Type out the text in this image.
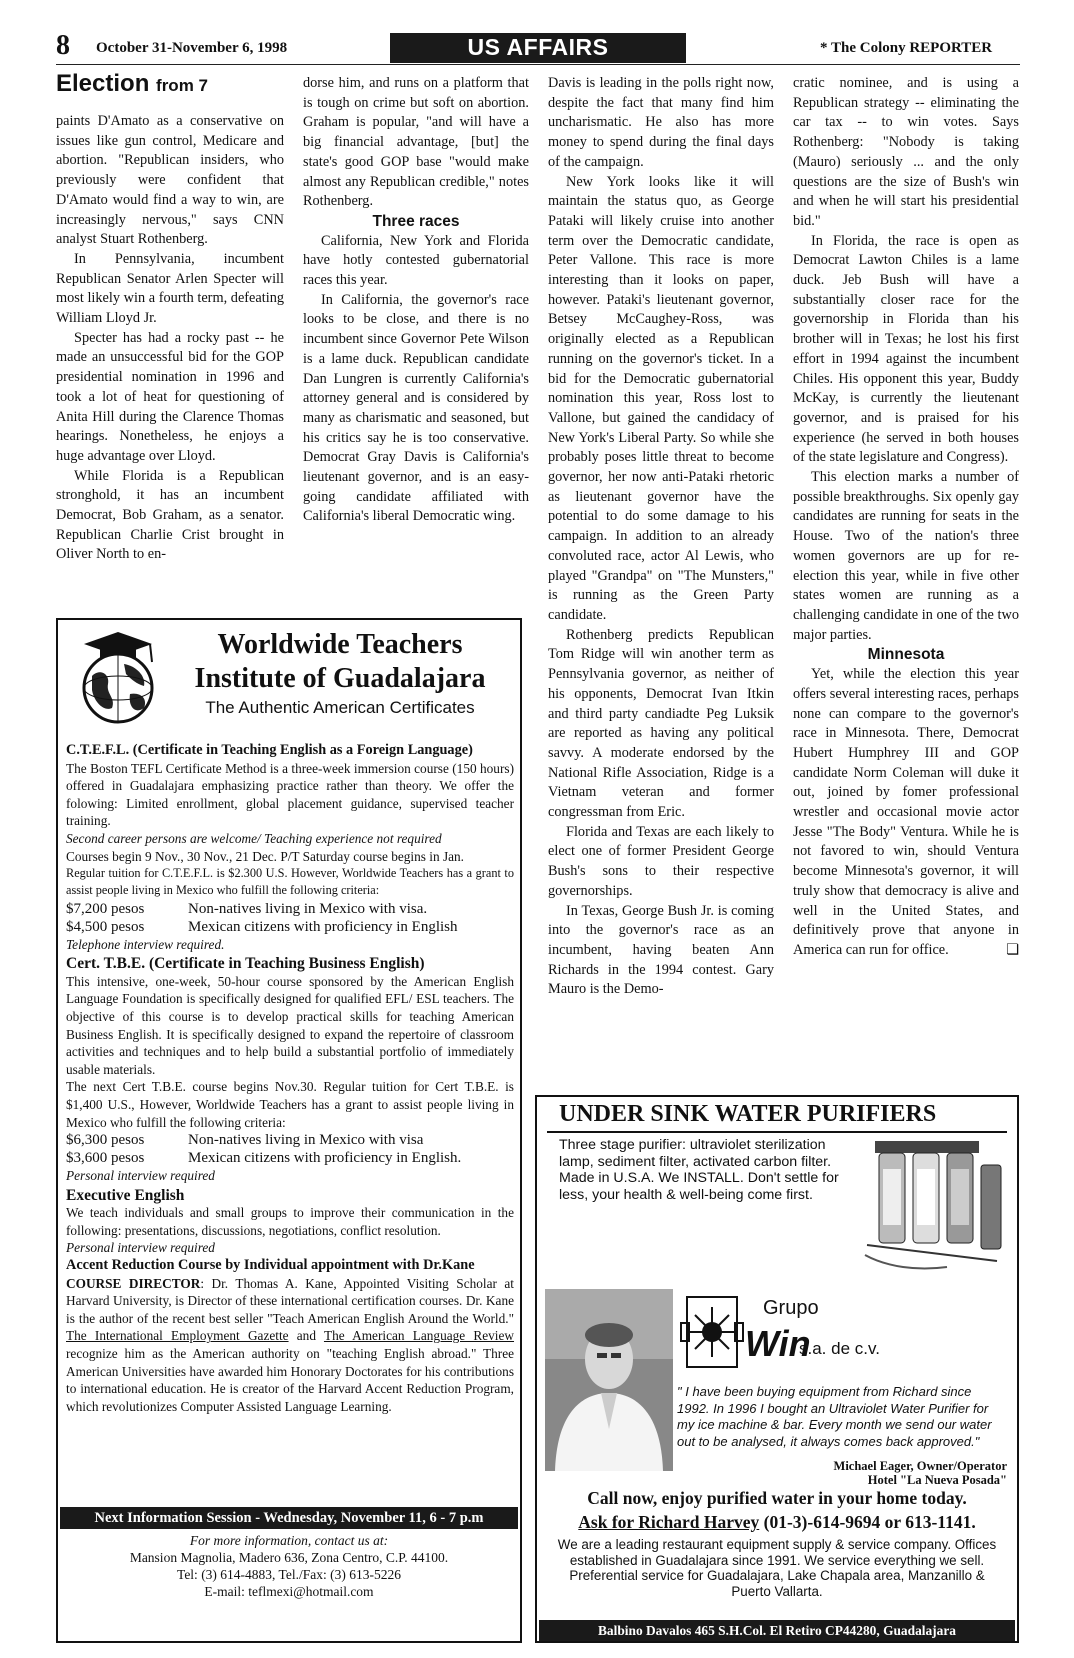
8 October 31-November 6, 1998	US AFFAIRS	* The Colony REPORTER
Election from 7

paints D'Amato as a conservative on issues like gun control, Medicare and abortion. "Republican insiders, who previously were confident that D'Amato would find a way to win, are increasingly nervous," says CNN analyst Stuart Rothenberg.

In Pennsylvania, incumbent Republican Senator Arlen Specter will most likely win a fourth term, defeating William Lloyd Jr.

Specter has had a rocky past -- he made an unsuccessful bid for the GOP presidential nomination in 1996 and took a lot of heat for questioning of Anita Hill during the Clarence Thomas hearings. Nonetheless, he enjoys a huge advantage over Lloyd.

While Florida is a Republican stronghold, it has an incumbent Democrat, Bob Graham, as a senator. Republican Charlie Crist brought in Oliver North to en-

dorse him, and runs on a platform that is tough on crime but soft on abortion. Graham is popular, "and will have a big financial advantage, [but] the state's good GOP base "would make almost any Republican credible," notes Rothenberg.

Three races

California, New York and Florida have hotly contested gubernatorial races this year.

In California, the governor's race looks to be close, and there is no incumbent since Governor Pete Wilson is a lame duck. Republican candidate Dan Lungren is currently California's attorney general and is considered by many as charismatic and seasoned, but his critics say he is too conservative. Democrat Gray Davis is California's lieutenant governor, and is an easy-going candidate affiliated with California's liberal Democratic wing.

Davis is leading in the polls right now, despite the fact that many find him uncharismatic. He also has more money to spend during the final days of the campaign.

New York looks like it will maintain the status quo, as George Pataki will likely cruise into another term over the Democratic candidate, Peter Vallone. This race is more interesting than it looks on paper, however. Pataki's lieutenant governor, Betsey McCaughey-Ross, was originally elected as a Republican running on the governor's ticket. In a bid for the Democratic gubernatorial nomination this year, Ross lost to Vallone, but gained the candidacy of New York's Liberal Party. So while she probably poses little threat to become governor, her now anti-Pataki rhetoric as lieutenant governor have the potential to do some damage to his campaign. In addition to an already convoluted race, actor Al Lewis, who played "Grandpa" on "The Munsters," is running as the Green Party candidate.

Rothenberg predicts Republican Tom Ridge will win another term as Pennsylvania governor, as neither of his opponents, Democrat Ivan Itkin and third party candiadte Peg Luksik are reported as having any political savvy. A moderate endorsed by the National Rifle Association, Ridge is a Vietnam veteran and former congressman from Eric.

Florida and Texas are each likely to elect one of former President George Bush's sons to their respective governorships.

In Texas, George Bush Jr. is coming into the governor's race as an incumbent, having beaten Ann Richards in the 1994 contest. Gary Mauro is the Demo-

cratic nominee, and is using a Republican strategy -- eliminating the car tax -- to win votes. Says Rothenberg: "Nobody is taking (Mauro) seriously ... and the only questions are the size of Bush's win and when he will start his presidential bid."

In Florida, the race is open as Democrat Lawton Chiles is a lame duck. Jeb Bush will have a substantially closer race for the governorship in Florida than his brother will in Texas; he lost his first effort in 1994 against the incumbent Chiles. His opponent this year, Buddy McKay, is currently the lieutenant governor, and is praised for his experience (he served in both houses of the state legislature and Congress).

This election marks a number of possible breakthroughs. Six openly gay candidates are running for seats in the House. Two of the nation's three women governors are up for re-election this year, while in five other states women are running as a challenging candidate in one of the two major parties.

Minnesota

Yet, while the election this year offers several interesting races, perhaps none can compare to the governor's race in Minnesota. There, Democrat Hubert Humphrey III and GOP candidate Norm Coleman will duke it out, joined by fomer professional wrestler and occasional movie actor Jesse "The Body" Ventura. While he is not favored to win, should Ventura become Minnesota's governor, it will truly show that democracy is alive and well in the United States, and definitively prove that anyone in America can run for office.	❏

Worldwide Teachers
Institute of Guadalajara
The Authentic American Certificates

C.T.E.F.L. (Certificate in Teaching English as a Foreign Language)

The Boston TEFL Certificate Method is a three-week immersion course (150 hours) offered in Guadalajara emphasizing practice rather than theory. We offer the folowing: Limited enrollment, global placement guidance, supervised teacher training.

Second career persons are welcome/ Teaching experience not required

Courses begin 9 Nov., 30 Nov., 21 Dec. P/T Saturday course begins in Jan.

Regular tuition for C.T.E.F.L. is $2.300 U.S. However, Worldwide Teachers has a grant to assist people living in Mexico who fulfill the following criteria:

$7,200 pesos	Non-natives living in Mexico with visa.
$4,500 pesos	Mexican citizens with proficiency in English

Telephone interview required.

Cert. T.B.E. (Certificate in Teaching Business English)

This intensive, one-week, 50-hour course sponsored by the American English Language Foundation is specifically designed for qualified EFL/ ESL teachers. The objective of this course is to develop practical skills for teaching American Business English. It is specifically designed to expand the repertoire of classroom activities and techniques and to help build a substantial portfolio of immediately usable materials.

The next Cert T.B.E. course begins Nov.30. Regular tuition for Cert T.B.E. is $1,400 U.S., However, Worldwide Teachers has a grant to assist people living in Mexico who fulfill the following criteria:

$6,300 pesos	Non-natives living in Mexico with visa
$3,600 pesos	Mexican citizens with proficiency in English.

Personal interview required

Executive English

We teach individuals and small groups to improve their communication in the following: presentations, discussions, negotiations, conflict resolution.

Personal interview required

Accent Reduction Course by Individual appointment with Dr.Kane

COURSE DIRECTOR: Dr. Thomas A. Kane, Appointed Visiting Scholar at Harvard University, is Director of these international certification courses. Dr. Kane is the author of the recent best seller "Teach American English Around the World." The International Employment Gazette and The American Language Review recognize him as the American authority on "teaching English abroad." Three American Universities have awarded him Honorary Doctorates for his contributions to international education. He is creator of the Harvard Accent Reduction Program, which revolutionizes Computer Assisted Language Learning.

Next Information Session - Wednesday, November 11, 6 - 7 p.m
For more information, contact us at:
Mansion Magnolia, Madero 636, Zona Centro, C.P. 44100.
Tel: (3) 614-4883, Tel./Fax: (3) 613-5226
E-mail: teflmexi@hotmail.com
UNDER SINK WATER PURIFIERS
Three stage purifier: ultraviolet sterilization lamp, sediment filter, activated carbon filter. Made in U.S.A. We INSTALL. Don't settle for less, your health & well-being come first.
Grupo
Win
s.a. de c.v.
" I have been buying equipment from Richard since 1992. In 1996 I bought an Ultraviolet Water Purifier for my ice machine & bar. Every month we send our water out to be analysed, it always comes back approved."
Michael Eager, Owner/Operator
Hotel "La Nueva Posada"
Call now, enjoy purified water in your home today.
Ask for Richard Harvey (01-3)-614-9694 or 613-1141.
We are a leading restaurant equipment supply & service company. Offices established in Guadalajara since 1991. We service everything we sell. Preferential service for Guadalajara, Lake Chapala area, Manzanillo & Puerto Vallarta.
Balbino Davalos 465 S.H.Col. El Retiro CP44280, Guadalajara
